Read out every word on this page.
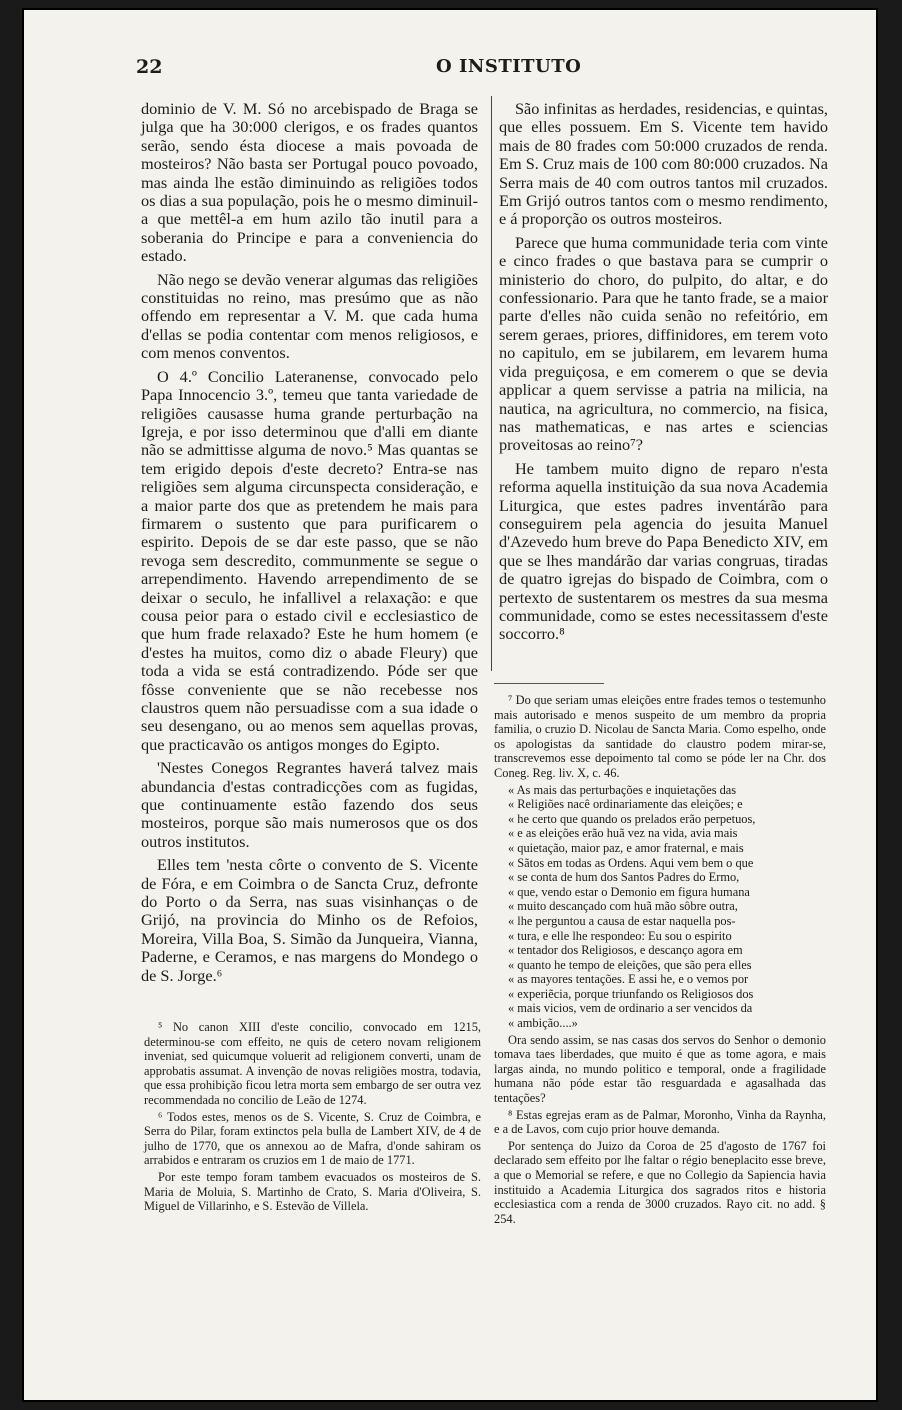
22	O INSTITUTO

dominio de V. M. Só no arcebispado de Braga se julga que ha 30:000 clerigos, e os frades quantos serão, sendo ésta diocese a mais povoada de mosteiros? Não basta ser Portugal pouco povoado, mas ainda lhe estão diminuindo as religiões todos os dias a sua população, pois he o mesmo diminuil-a que mettêl-a em hum azilo tão inutil para a soberania do Principe e para a conveniencia do estado.

Não nego se devão venerar algumas das religiões constituidas no reino, mas presúmo que as não offendo em representar a V. M. que cada huma d'ellas se podia contentar com menos religiosos, e com menos conventos.

O 4.º Concilio Lateranense, convocado pelo Papa Innocencio 3.º, temeu que tanta variedade de religiões causasse huma grande perturbação na Igreja, e por isso determinou que d'alli em diante não se admittisse alguma de novo.⁵ Mas quantas se tem erigido depois d'este decreto? Entra-se nas religiões sem alguma circunspecta consideração, e a maior parte dos que as pretendem he mais para firmarem o sustento que para purificarem o espirito. Depois de se dar este passo, que se não revoga sem descredito, communmente se segue o arrependimento. Havendo arrependimento de se deixar o seculo, he infallivel a relaxação: e que cousa peior para o estado civil e ecclesiastico de que hum frade relaxado? Este he hum homem (e d'estes ha muitos, como diz o abade Fleury) que toda a vida se está contradizendo. Póde ser que fôsse conveniente que se não recebesse nos claustros quem não persuadisse com a sua idade o seu desengano, ou ao menos sem aquellas provas, que practicavão os antigos monges do Egipto.

'Nestes Conegos Regrantes haverá talvez mais abundancia d'estas contradicções com as fugidas, que continuamente estão fazendo dos seus mosteiros, porque são mais numerosos que os dos outros institutos.

Elles tem 'nesta côrte o convento de S. Vicente de Fóra, e em Coimbra o de Sancta Cruz, defronte do Porto o da Serra, nas suas visinhanças o de Grijó, na provincia do Minho os de Refoios, Moreira, Villa Boa, S. Simão da Junqueira, Vianna, Paderne, e Ceramos, e nas margens do Mondego o de S. Jorge.⁶

São infinitas as herdades, residencias, e quintas, que elles possuem. Em S. Vicente tem havido mais de 80 frades com 50:000 cruzados de renda. Em S. Cruz mais de 100 com 80:000 cruzados. Na Serra mais de 40 com outros tantos mil cruzados. Em Grijó outros tantos com o mesmo rendimento, e á proporção os outros mosteiros.

Parece que huma communidade teria com vinte e cinco frades o que bastava para se cumprir o ministerio do choro, do pulpito, do altar, e do confessionario. Para que he tanto frade, se a maior parte d'elles não cuida senão no refeitório, em serem geraes, priores, diffinidores, em terem voto no capitulo, em se jubilarem, em levarem huma vida preguiçosa, e em comerem o que se devia applicar a quem servisse a patria na milicia, na nautica, na agricultura, no commercio, na fisica, nas mathematicas, e nas artes e sciencias proveitosas ao reino⁷?

He tambem muito digno de reparo n'esta reforma aquella instituição da sua nova Academia Liturgica, que estes padres inventárão para conseguirem pela agencia do jesuita Manuel d'Azevedo hum breve do Papa Benedicto XIV, em que se lhes mandárão dar varias congruas, tiradas de quatro igrejas do bispado de Coimbra, com o pertexto de sustentarem os mestres da sua mesma communidade, como se estes necessitassem d'este soccorro.⁸

⁵ No canon XIII d'este concilio, convocado em 1215, determinou-se com effeito, ne quis de cetero novam religionem inveniat, sed quicumque voluerit ad religionem converti, unam de approbatis assumat. A invenção de novas religiões mostra, todavia, que essa prohibição ficou letra morta sem embargo de ser outra vez recommendada no concilio de Leão de 1274.

⁶ Todos estes, menos os de S. Vicente, S. Cruz de Coimbra, e Serra do Pilar, foram extinctos pela bulla de Lambert XIV, de 4 de julho de 1770, que os annexou ao de Mafra, d'onde sahiram os arrabidos e entraram os cruzios em 1 de maio de 1771.

Por este tempo foram tambem evacuados os mosteiros de S. Maria de Moluia, S. Martinho de Crato, S. Maria d'Oliveira, S. Miguel de Villarinho, e S. Estevão de Villela.

⁷ Do que seriam umas eleições entre frades temos o testemunho mais autorisado e menos suspeito de um membro da propria familia, o cruzio D. Nicolau de Sancta Maria. Como espelho, onde os apologistas da santidade do claustro podem mirar-se, transcrevemos esse depoimento tal como se póde ler na Chr. dos Coneg. Reg. liv. X, c. 46.

« As mais das perturbações e inquietações das
« Religiões nacê ordinariamente das eleições; e
« he certo que quando os prelados erão perpetuos,
« e as eleições erão huã vez na vida, avia mais
« quietação, maior paz, e amor fraternal, e mais
« Sãtos em todas as Ordens. Aqui vem bem o que
« se conta de hum dos Santos Padres do Ermo,
« que, vendo estar o Demonio em figura humana
« muito descançado com huã mão sôbre outra,
« lhe perguntou a causa de estar naquella pos-
« tura, e elle lhe respondeo: Eu sou o espirito
« tentador dos Religiosos, e descanço agora em
« quanto he tempo de eleições, que são pera elles
« as mayores tentações. E assi he, e o vemos por
« experiẽcia, porque triunfando os Religiosos dos
« mais vicios, vem de ordinario a ser vencidos da
« ambição....»

Ora sendo assim, se nas casas dos servos do Senhor o demonio tomava taes liberdades, que muito é que as tome agora, e mais largas ainda, no mundo politico e temporal, onde a fragilidade humana não póde estar tão resguardada e agasalhada das tentações?

⁸ Estas egrejas eram as de Palmar, Moronho, Vinha da Raynha, e a de Lavos, com cujo prior houve demanda.

Por sentença do Juizo da Coroa de 25 d'agosto de 1767 foi declarado sem effeito por lhe faltar o régio beneplacito esse breve, a que o Memorial se refere, e que no Collegio da Sapiencia havia instituido a Academia Liturgica dos sagrados ritos e historia ecclesiastica com a renda de 3000 cruzados. Rayo cit. no add. § 254.
